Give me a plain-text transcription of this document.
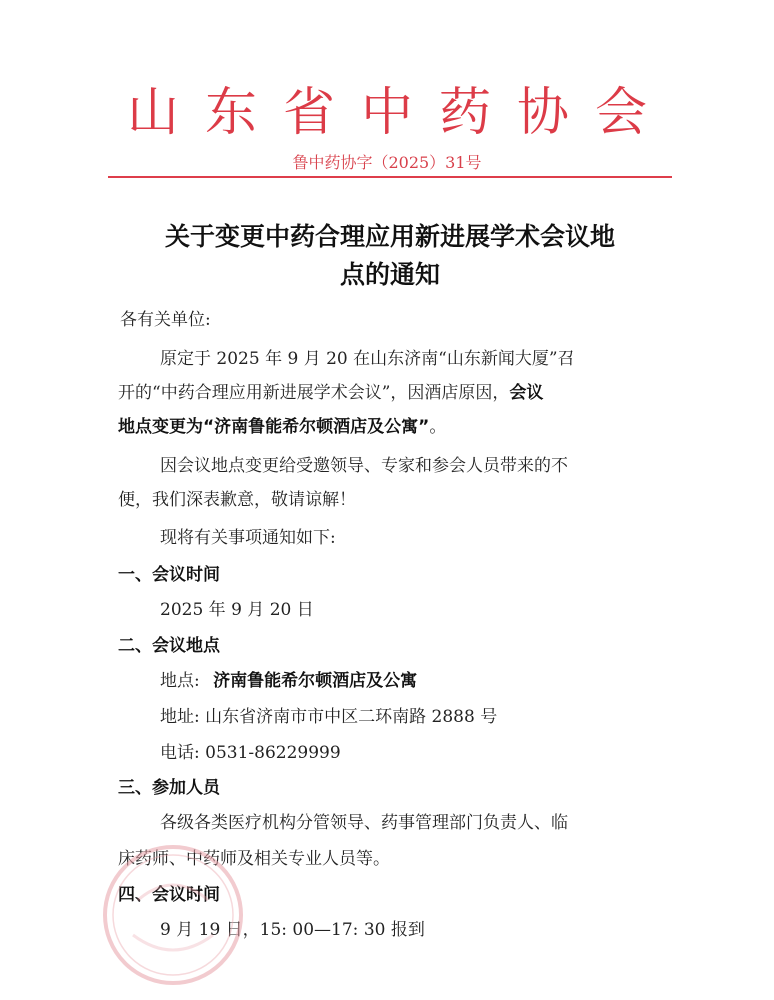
山东省中药协会
鲁中药协字（2025）31号
关于变更中药合理应用新进展学术会议地
点的通知
各有关单位:
原定于 2025 年 9 月 20 在山东济南“山东新闻大厦”召
开的“中药合理应用新进展学术会议”，因酒店原因，会议
地点变更为“济南鲁能希尔顿酒店及公寓”。
因会议地点变更给受邀领导、专家和参会人员带来的不
便，我们深表歉意，敬请谅解！
现将有关事项通知如下:
一、会议时间
2025 年 9 月 20 日
二、会议地点
地点: 济南鲁能希尔顿酒店及公寓
地址: 山东省济南市市中区二环南路 2888 号
电话: 0531-86229999
三、参加人员
各级各类医疗机构分管领导、药事管理部门负责人、临
床药师、中药师及相关专业人员等。
四、会议时间
9 月 19 日，15: 00—17: 30 报到
